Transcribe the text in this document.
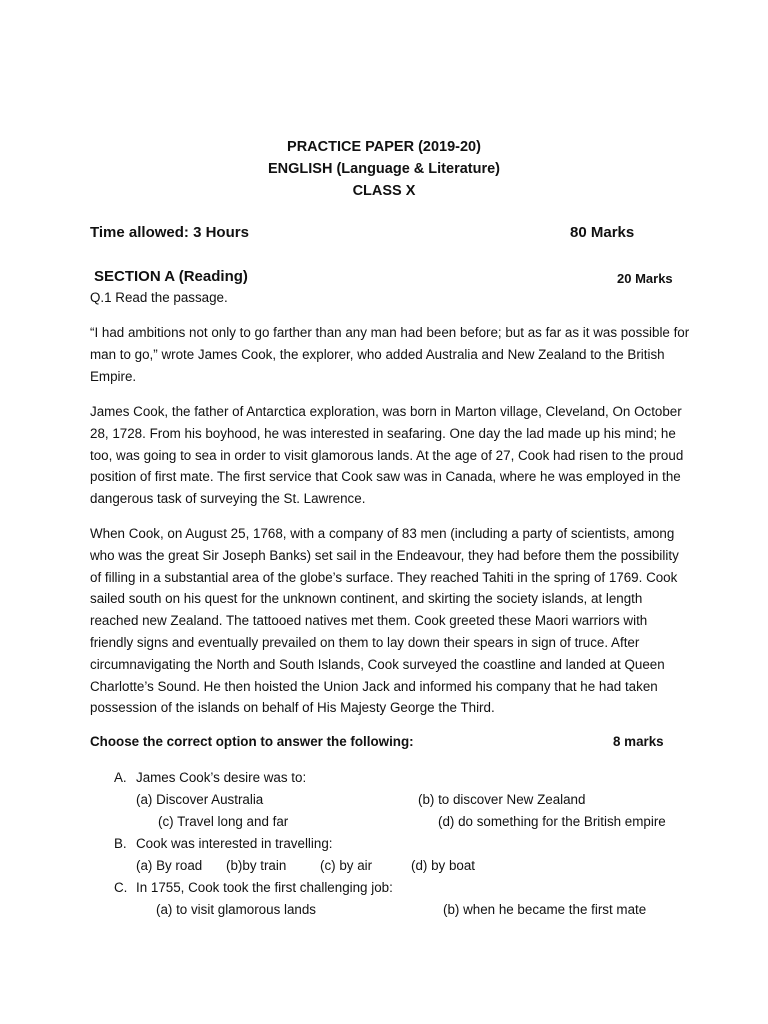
PRACTICE PAPER (2019-20)
ENGLISH (Language & Literature)
CLASS X
Time allowed: 3 Hours	80 Marks
SECTION A (Reading)	20 Marks
Q.1 Read the passage.

“I had ambitions not only to go farther than any man had been before; but as far as it was possible for man to go,” wrote James Cook, the explorer, who added Australia and New Zealand to the British Empire.

James Cook, the father of Antarctica exploration, was born in Marton village, Cleveland, On October 28, 1728. From his boyhood, he was interested in seafaring. One day the lad made up his mind; he too, was going to sea in order to visit glamorous lands. At the age of 27, Cook had risen to the proud position of first mate. The first service that Cook saw was in Canada, where he was employed in the dangerous task of surveying the St. Lawrence.

When Cook, on August 25, 1768, with a company of 83 men (including a party of scientists, among who was the great Sir Joseph Banks) set sail in the Endeavour, they had before them the possibility of filling in a substantial area of the globe’s surface. They reached Tahiti in the spring of 1769. Cook sailed south on his quest for the unknown continent, and skirting the society islands, at length reached new Zealand. The tattooed natives met them. Cook greeted these Maori warriors with friendly signs and eventually prevailed on them to lay down their spears in sign of truce. After circumnavigating the North and South Islands, Cook surveyed the coastline and landed at Queen Charlotte’s Sound. He then hoisted the Union Jack and informed his company that he had taken possession of the islands on behalf of His Majesty George the Third.

Choose the correct option to answer the following:	8 marks
A. James Cook’s desire was to:
(a) Discover Australia	(b) to discover New Zealand
(c) Travel long and far	(d) do something for the British empire
B. Cook was interested in travelling:
(a) By road (b)by train	(c) by air	(d) by boat
C. In 1755, Cook took the first challenging job:
(a) to visit glamorous lands	(b) when he became the first mate
